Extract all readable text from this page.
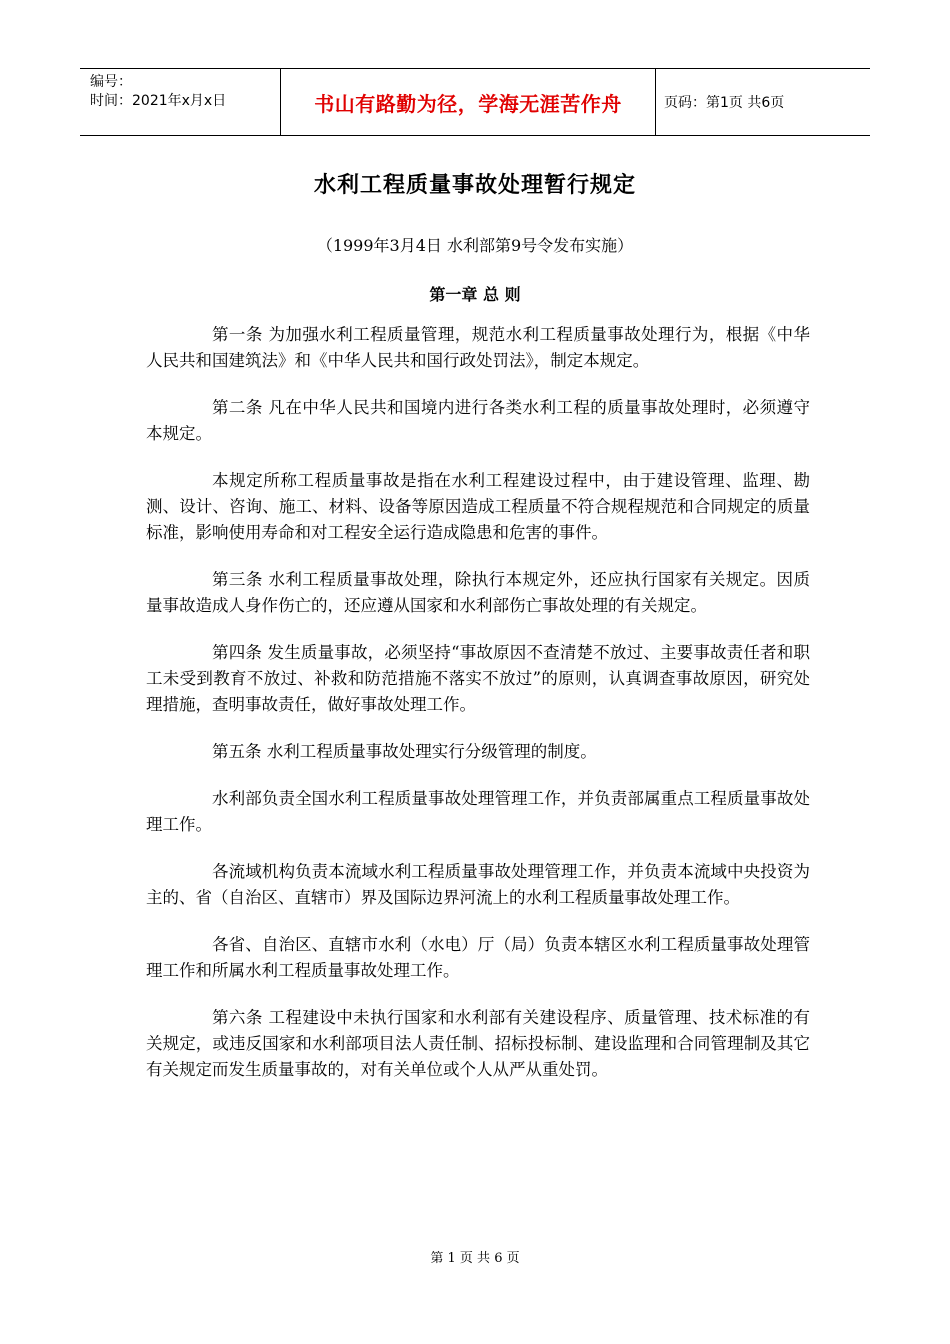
编号：
时间：2021年x月x日	书山有路勤为径，学海无涯苦作舟	页码：第1页 共6页
水利工程质量事故处理暂行规定
（1999年3月4日 水利部第9号令发布实施）
第一章 总 则

第一条 为加强水利工程质量管理，规范水利工程质量事故处理行为，根据《中华人民共和国建筑法》和《中华人民共和国行政处罚法》，制定本规定。

第二条 凡在中华人民共和国境内进行各类水利工程的质量事故处理时，必须遵守本规定。

本规定所称工程质量事故是指在水利工程建设过程中，由于建设管理、监理、勘测、设计、咨询、施工、材料、设备等原因造成工程质量不符合规程规范和合同规定的质量标准，影响使用寿命和对工程安全运行造成隐患和危害的事件。

第三条 水利工程质量事故处理，除执行本规定外，还应执行国家有关规定。因质量事故造成人身作伤亡的，还应遵从国家和水利部伤亡事故处理的有关规定。

第四条 发生质量事故，必须坚持“事故原因不查清楚不放过、主要事故责任者和职工未受到教育不放过、补救和防范措施不落实不放过”的原则，认真调查事故原因，研究处理措施，查明事故责任，做好事故处理工作。

第五条 水利工程质量事故处理实行分级管理的制度。

水利部负责全国水利工程质量事故处理管理工作，并负责部属重点工程质量事故处理工作。

各流域机构负责本流域水利工程质量事故处理管理工作，并负责本流域中央投资为主的、省（自治区、直辖市）界及国际边界河流上的水利工程质量事故处理工作。

各省、自治区、直辖市水利（水电）厅（局）负责本辖区水利工程质量事故处理管理工作和所属水利工程质量事故处理工作。

第六条 工程建设中未执行国家和水利部有关建设程序、质量管理、技术标准的有关规定，或违反国家和水利部项目法人责任制、招标投标制、建设监理和合同管理制及其它有关规定而发生质量事故的，对有关单位或个人从严从重处罚。

第 1 页 共 6 页
